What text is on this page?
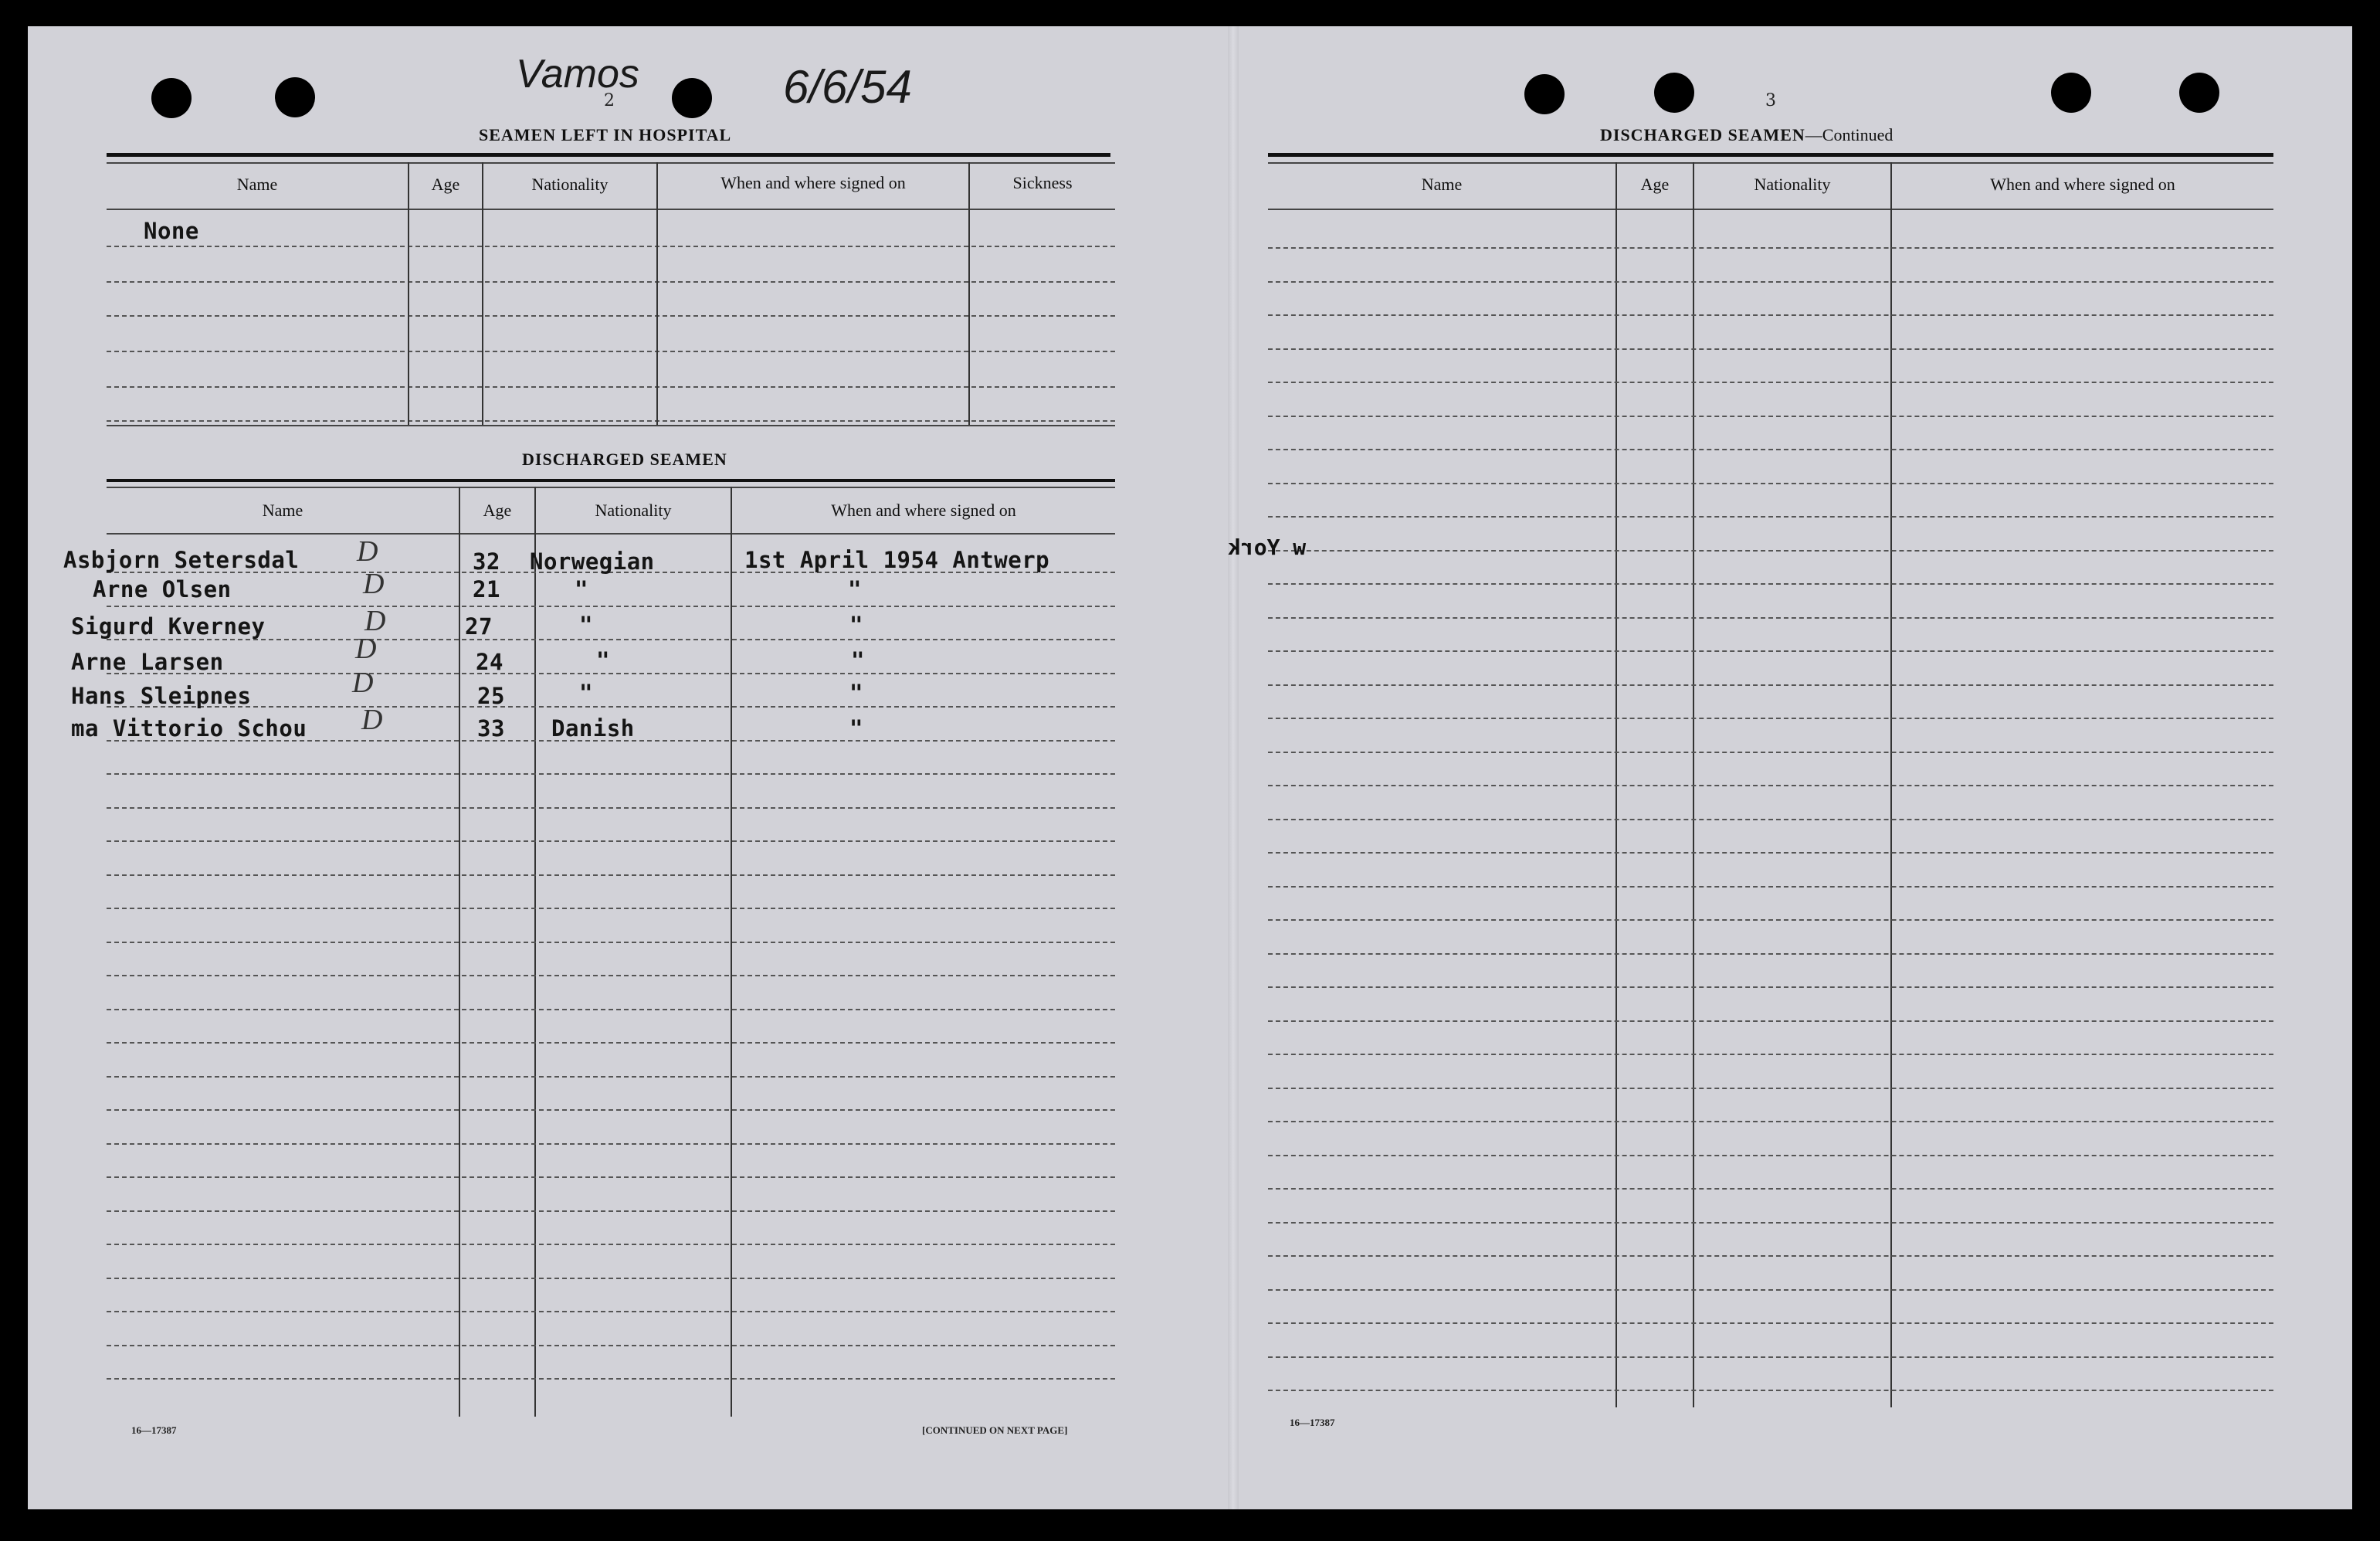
2
Vamos	6/6/54
SEAMEN LEFT IN HOSPITAL
Name	Age	Nationality	When and where signed on	Sickness
None
DISCHARGED SEAMEN
Name	Age	Nationality	When and where signed on
Asbjorn Setersdal D	32 Norwegian	1st April 1954 Antwerp
Arne Olsen	D	21	"	"
Sigurd Kverney	D	27	"	"
Arne Larsen	D	24	"	"
Hans Sleipnes	D	25	"	"
ma Vittorio Schou D	33 Danish	"
16—17387	[CONTINUED ON NEXT PAGE]
3
DISCHARGED SEAMEN—Continued
Name	Age	Nationality	When and where signed on
w York
16—17387
